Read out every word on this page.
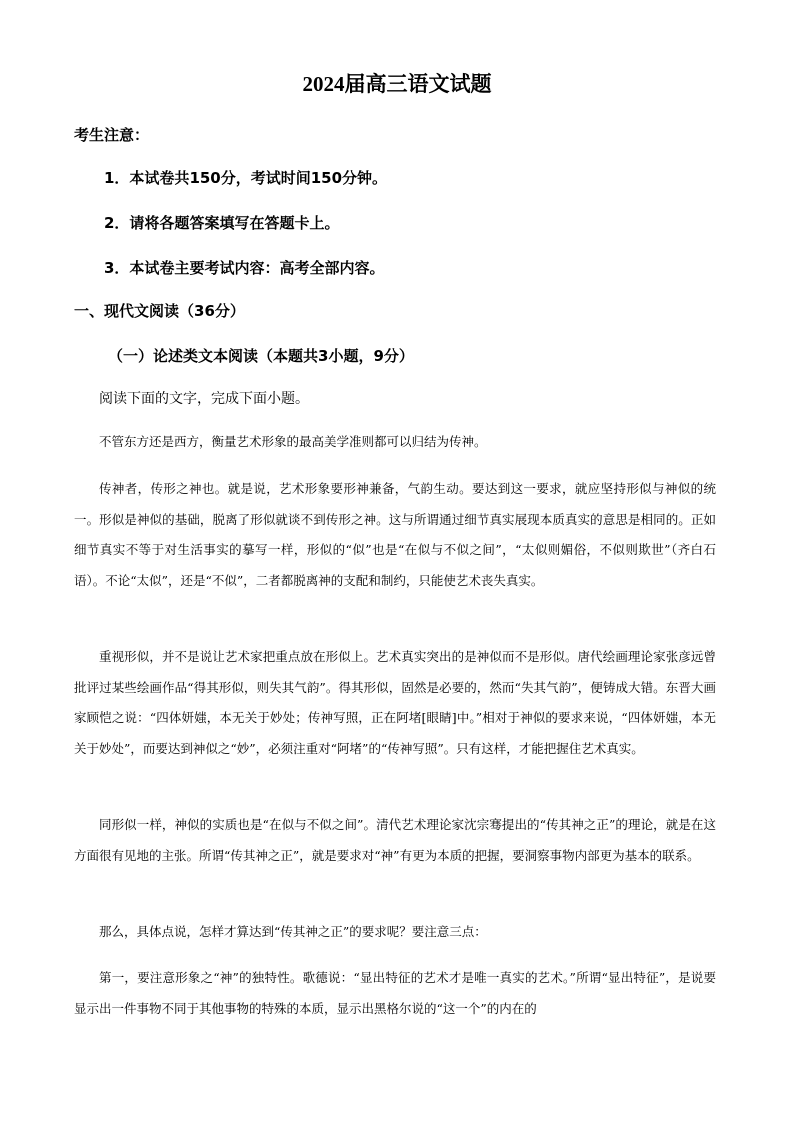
2024届高三语文试题
考生注意：
1．本试卷共150分，考试时间150分钟。
2．请将各题答案填写在答题卡上。
3．本试卷主要考试内容：高考全部内容。
一、现代文阅读（36分）
（一）论述类文本阅读（本题共3小题，9分）
阅读下面的文字，完成下面小题。

不管东方还是西方，衡量艺术形象的最高美学准则都可以归结为传神。

传神者，传形之神也。就是说，艺术形象要形神兼备，气韵生动。要达到这一要求，就应坚持形似与神似的统一。形似是神似的基础，脱离了形似就谈不到传形之神。这与所谓通过细节真实展现本质真实的意思是相同的。正如细节真实不等于对生活事实的摹写一样，形似的“似”也是“在似与不似之间”，“太似则媚俗，不似则欺世”（齐白石语）。不论“太似”，还是“不似”，二者都脱离神的支配和制约，只能使艺术丧失真实。

重视形似，并不是说让艺术家把重点放在形似上。艺术真实突出的是神似而不是形似。唐代绘画理论家张彦远曾批评过某些绘画作品“得其形似，则失其气韵”。得其形似，固然是必要的，然而“失其气韵”，便铸成大错。东晋大画家顾恺之说：“四体妍媸，本无关于妙处；传神写照，正在阿堵[眼睛]中。”相对于神似的要求来说，“四体妍媸，本无关于妙处”，而要达到神似之“妙”，必须注重对“阿堵”的“传神写照”。只有这样，才能把握住艺术真实。

同形似一样，神似的实质也是“在似与不似之间”。清代艺术理论家沈宗骞提出的“传其神之正”的理论，就是在这方面很有见地的主张。所谓“传其神之正”，就是要求对“神”有更为本质的把握，要洞察事物内部更为基本的联系。

那么，具体点说，怎样才算达到“传其神之正”的要求呢？要注意三点：

第一，要注意形象之“神”的独特性。歌德说：“显出特征的艺术才是唯一真实的艺术。”所谓“显出特征”，是说要显示出一件事物不同于其他事物的特殊的本质，显示出黑格尔说的“这一个”的内在的
